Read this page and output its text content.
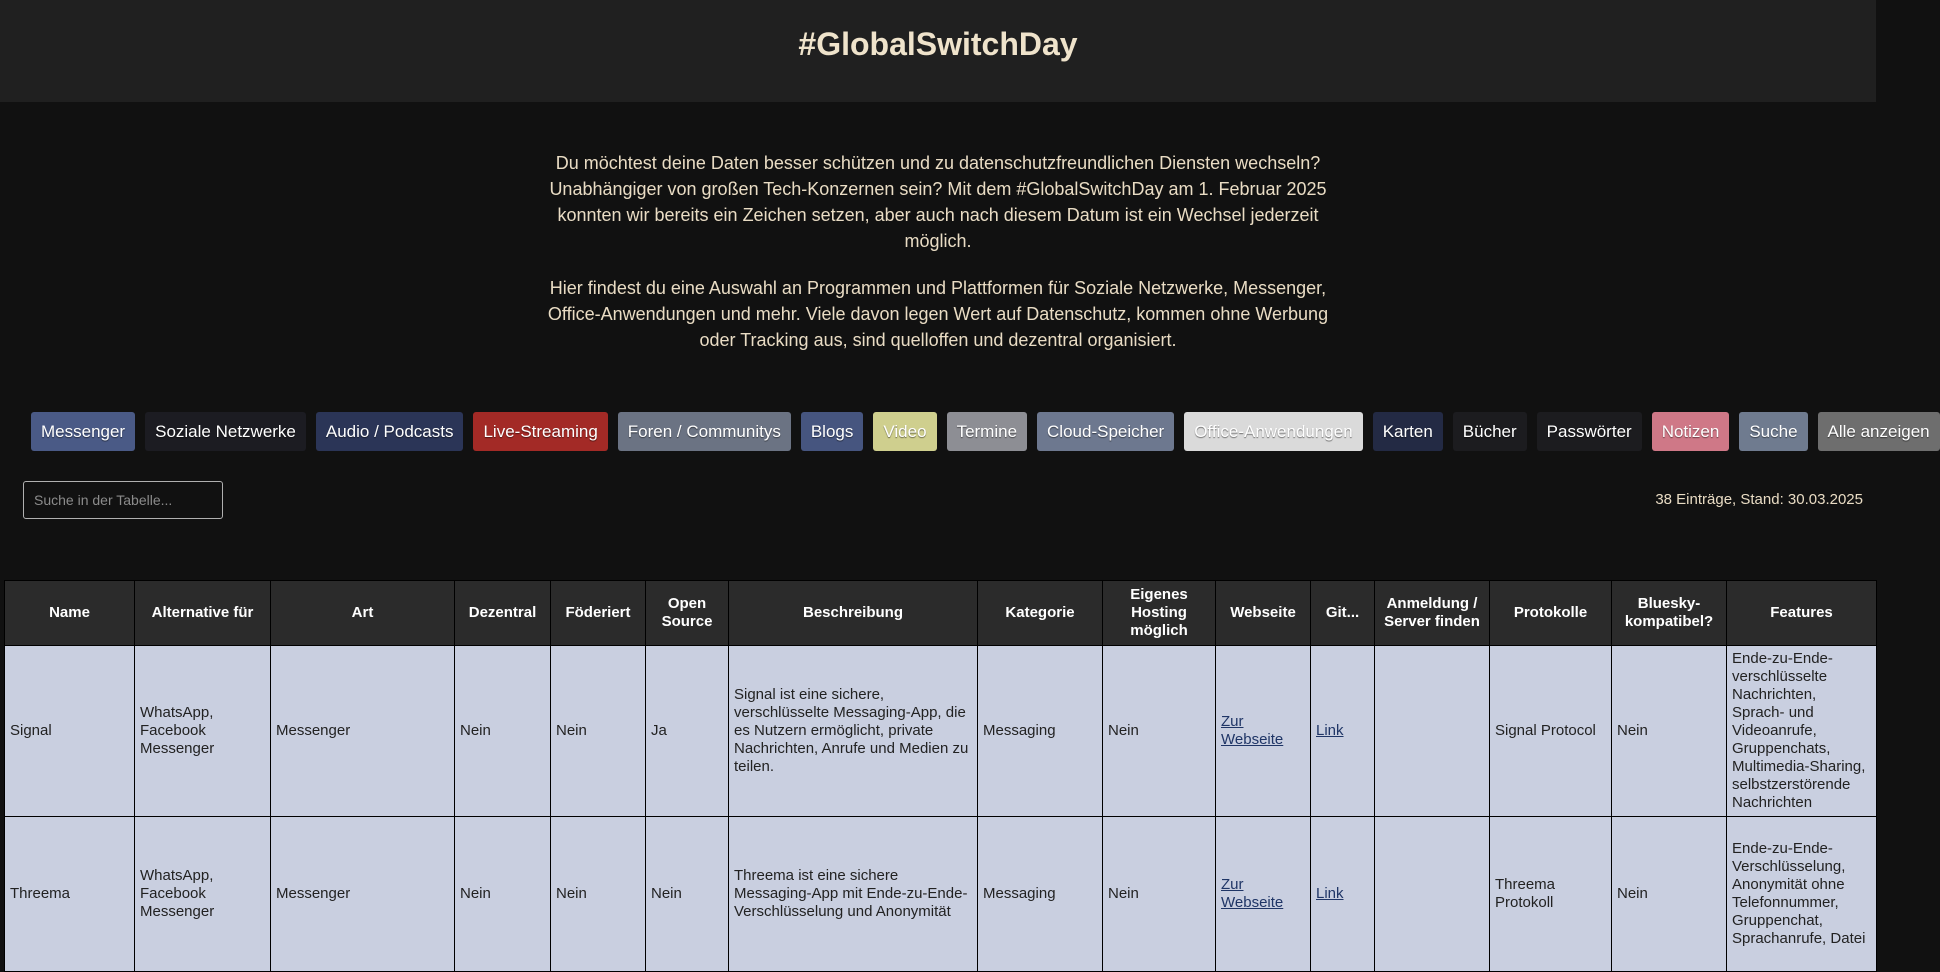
#GlobalSwitchDay

Du möchtest deine Daten besser schützen und zu datenschutzfreundlichen Diensten wechseln? Unabhängiger von großen Tech-Konzernen sein? Mit dem #GlobalSwitchDay am 1. Februar 2025 konnten wir bereits ein Zeichen setzen, aber auch nach diesem Datum ist ein Wechsel jederzeit möglich.

Hier findest du eine Auswahl an Programmen und Plattformen für Soziale Netzwerke, Messenger, Office-Anwendungen und mehr. Viele davon legen Wert auf Datenschutz, kommen ohne Werbung oder Tracking aus, sind quelloffen und dezentral organisiert.

Messenger	Soziale Netzwerke	Audio / Podcasts	Live-Streaming	Foren / Communitys	Blogs	Video	Termine	Cloud-Speicher	Office-Anwendungen	Karten	Bücher	Passwörter	Notizen	Suche	Alle anzeigen
Suche in der Tabelle...
38 Einträge, Stand: 30.03.2025
Name	Alternative für	Art	Dezentral	Föderiert	Open Source	Beschreibung	Kategorie	Eigenes Hosting möglich	Webseite	Git...	Anmeldung / Server finden	Protokolle	Bluesky-kompatibel?	Features
Signal	WhatsApp, Facebook Messenger	Messenger	Nein	Nein	Ja	Signal ist eine sichere, verschlüsselte Messaging-App, die es Nutzern ermöglicht, private Nachrichten, Anrufe und Medien zu teilen.	Messaging	Nein	Zur Webseite	Link		Signal Protocol	Nein	Ende-zu-Ende-verschlüsselte Nachrichten, Sprach- und Videoanrufe, Gruppenchats, Multimedia-Sharing, selbstzerstörende Nachrichten
Threema	WhatsApp, Facebook Messenger	Messenger	Nein	Nein	Nein	Threema ist eine sichere Messaging-App mit Ende-zu-Ende-Verschlüsselung und Anonymität	Messaging	Nein	Zur Webseite	Link		Threema Protokoll	Nein	Ende-zu-Ende-Verschlüsselung, Anonymität ohne Telefonnummer, Gruppenchat, Sprachanrufe, Datei
